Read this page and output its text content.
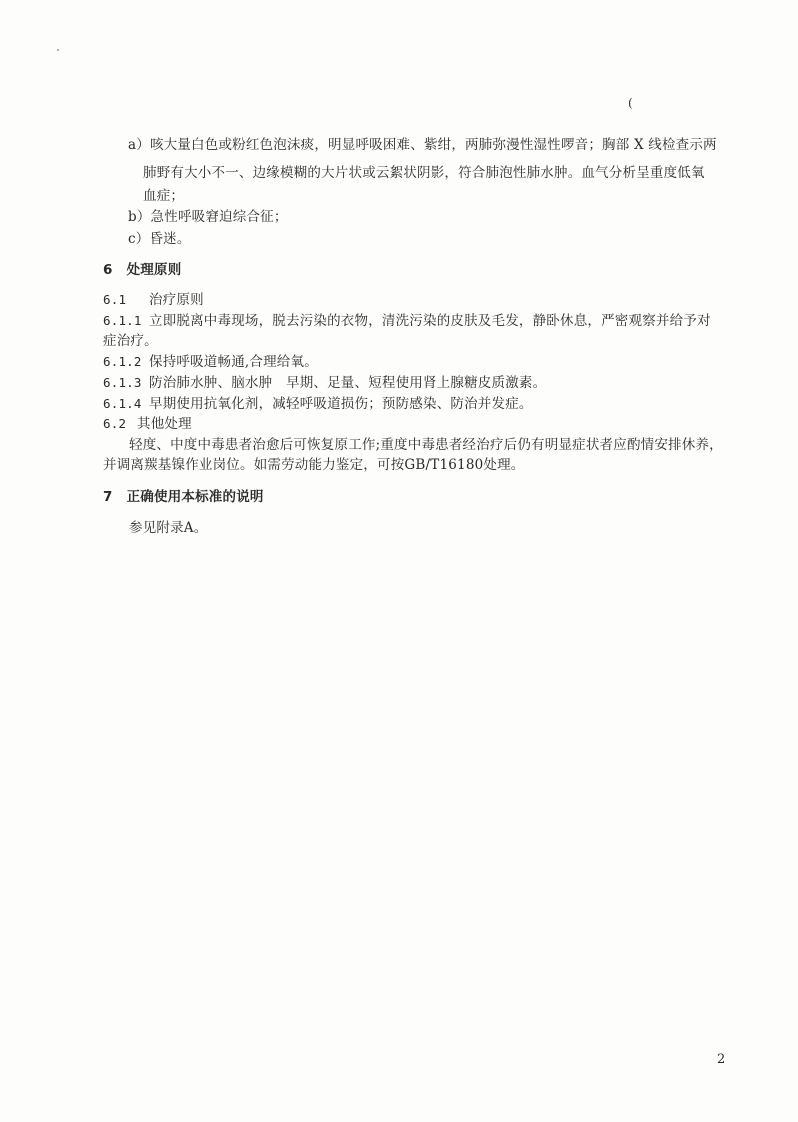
(
a）咳大量白色或粉红色泡沫痰，明显呼吸困难、紫绀，两肺弥漫性湿性啰音；胸部 X 线检查示两
肺野有大小不一、边缘模糊的大片状或云絮状阴影，符合肺泡性肺水肿。血气分析呈重度低氧
血症；
b）急性呼吸窘迫综合征；
c）昏迷。
6 处理原则
6.1 治疗原则
6.1.1 立即脱离中毒现场，脱去污染的衣物，清洗污染的皮肤及毛发，静卧休息，严密观察并给予对
症治疗。
6.1.2 保持呼吸道畅通,合理给氧。
6.1.3 防治肺水肿、脑水肿　早期、足量、短程使用肾上腺糖皮质激素。
6.1.4 早期使用抗氧化剂，减轻呼吸道损伤；预防感染、防治并发症。
6.2 其他处理
轻度、中度中毒患者治愈后可恢复原工作;重度中毒患者经治疗后仍有明显症状者应酌情安排休养，
并调离羰基镍作业岗位。如需劳动能力鉴定，可按GB/T16180处理。
7 正确使用本标准的说明
参见附录A。
2
